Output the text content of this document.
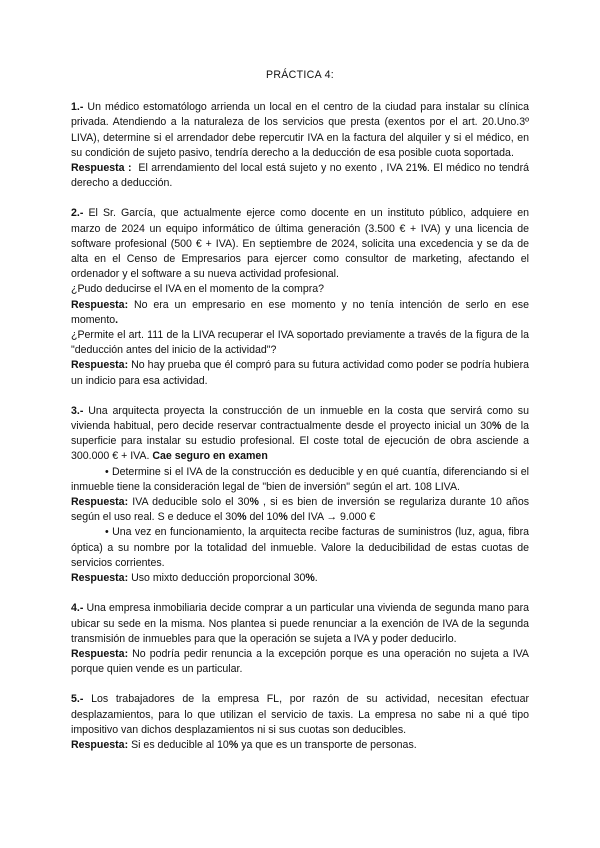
PRÁCTICA 4:

1.- Un médico estomatólogo arrienda un local en el centro de la ciudad para instalar su clínica privada. Atendiendo a la naturaleza de los servicios que presta (exentos por el art. 20.Uno.3º LIVA), determine si el arrendador debe repercutir IVA en la factura del alquiler y si el médico, en su condición de sujeto pasivo, tendría derecho a la deducción de esa posible cuota soportada.

Respuesta : El arrendamiento del local está sujeto y no exento , IVA 21%. El médico no tendrá derecho a deducción.

2.- El Sr. García, que actualmente ejerce como docente en un instituto público, adquiere en marzo de 2024 un equipo informático de última generación (3.500 € + IVA) y una licencia de software profesional (500 € + IVA). En septiembre de 2024, solicita una excedencia y se da de alta en el Censo de Empresarios para ejercer como consultor de marketing, afectando el ordenador y el software a su nueva actividad profesional.

¿Pudo deducirse el IVA en el momento de la compra?

Respuesta: No era un empresario en ese momento y no tenía intención de serlo en ese momento.

¿Permite el art. 111 de la LIVA recuperar el IVA soportado previamente a través de la figura de la "deducción antes del inicio de la actividad"?

Respuesta: No hay prueba que él compró para su futura actividad como poder se podría hubiera un indicio para esa actividad.

3.- Una arquitecta proyecta la construcción de un inmueble en la costa que servirá como su vivienda habitual, pero decide reservar contractualmente desde el proyecto inicial un 30% de la superficie para instalar su estudio profesional. El coste total de ejecución de obra asciende a 300.000 € + IVA. Cae seguro en examen

• Determine si el IVA de la construcción es deducible y en qué cuantía, diferenciando si el inmueble tiene la consideración legal de "bien de inversión" según el art. 108 LIVA.

Respuesta: IVA deducible solo el 30% , si es bien de inversión se regulariza durante 10 años según el uso real. S e deduce el 30% del 10% del IVA → 9.000 €

• Una vez en funcionamiento, la arquitecta recibe facturas de suministros (luz, agua, fibra óptica) a su nombre por la totalidad del inmueble. Valore la deducibilidad de estas cuotas de servicios corrientes.

Respuesta: Uso mixto deducción proporcional 30%.

4.- Una empresa inmobiliaria decide comprar a un particular una vivienda de segunda mano para ubicar su sede en la misma. Nos plantea si puede renunciar a la exención de IVA de la segunda transmisión de inmuebles para que la operación se sujeta a IVA y poder deducirlo.

Respuesta: No podría pedir renuncia a la excepción porque es una operación no sujeta a IVA porque quien vende es un particular.

5.- Los trabajadores de la empresa FL, por razón de su actividad, necesitan efectuar desplazamientos, para lo que utilizan el servicio de taxis. La empresa no sabe ni a qué tipo impositivo van dichos desplazamientos ni si sus cuotas son deducibles.

Respuesta: Si es deducible al 10% ya que es un transporte de personas.
